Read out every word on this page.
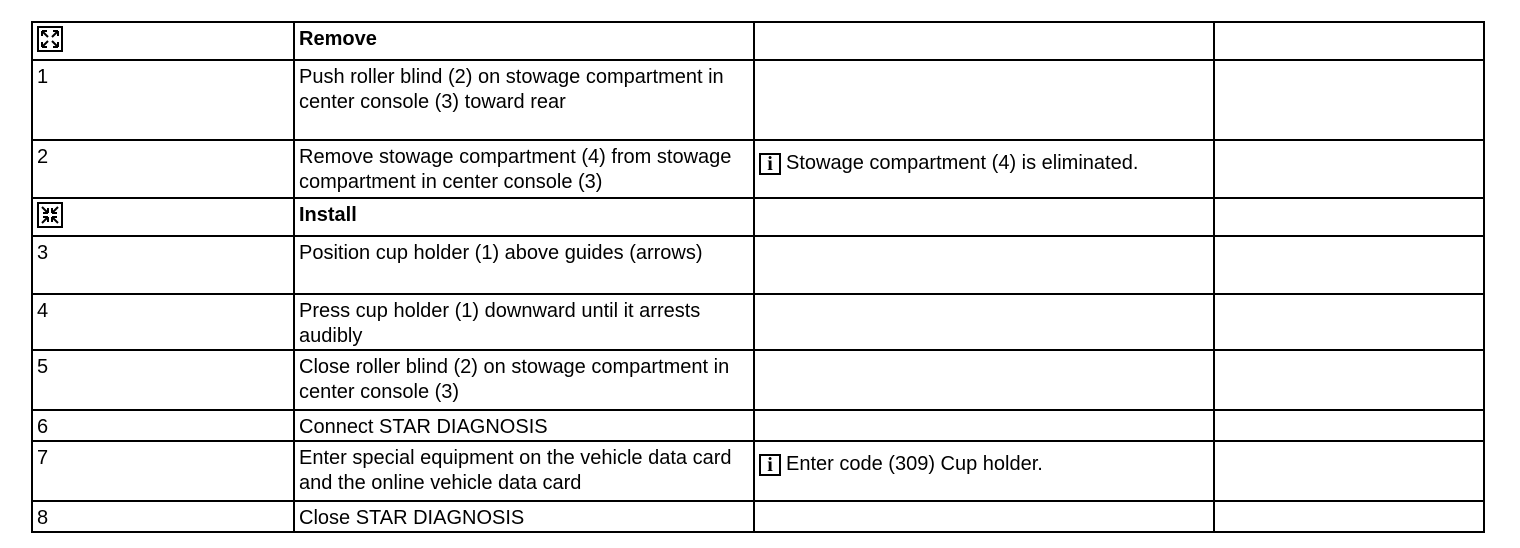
	Remove		
1	Push roller blind (2) on stowage compartment in center console (3) toward rear		
2	Remove stowage compartment (4) from stowage compartment in center console (3)	i Stowage compartment (4) is eliminated.	

	Install		
3	Position cup holder (1) above guides (arrows)		
4	Press cup holder (1) downward until it arrests audibly		
5	Close roller blind (2) on stowage compartment in center console (3)		
6	Connect STAR DIAGNOSIS		
7	Enter special equipment on the vehicle data card and the online vehicle data card	i Enter code (309) Cup holder.	

8	Close STAR DIAGNOSIS		
